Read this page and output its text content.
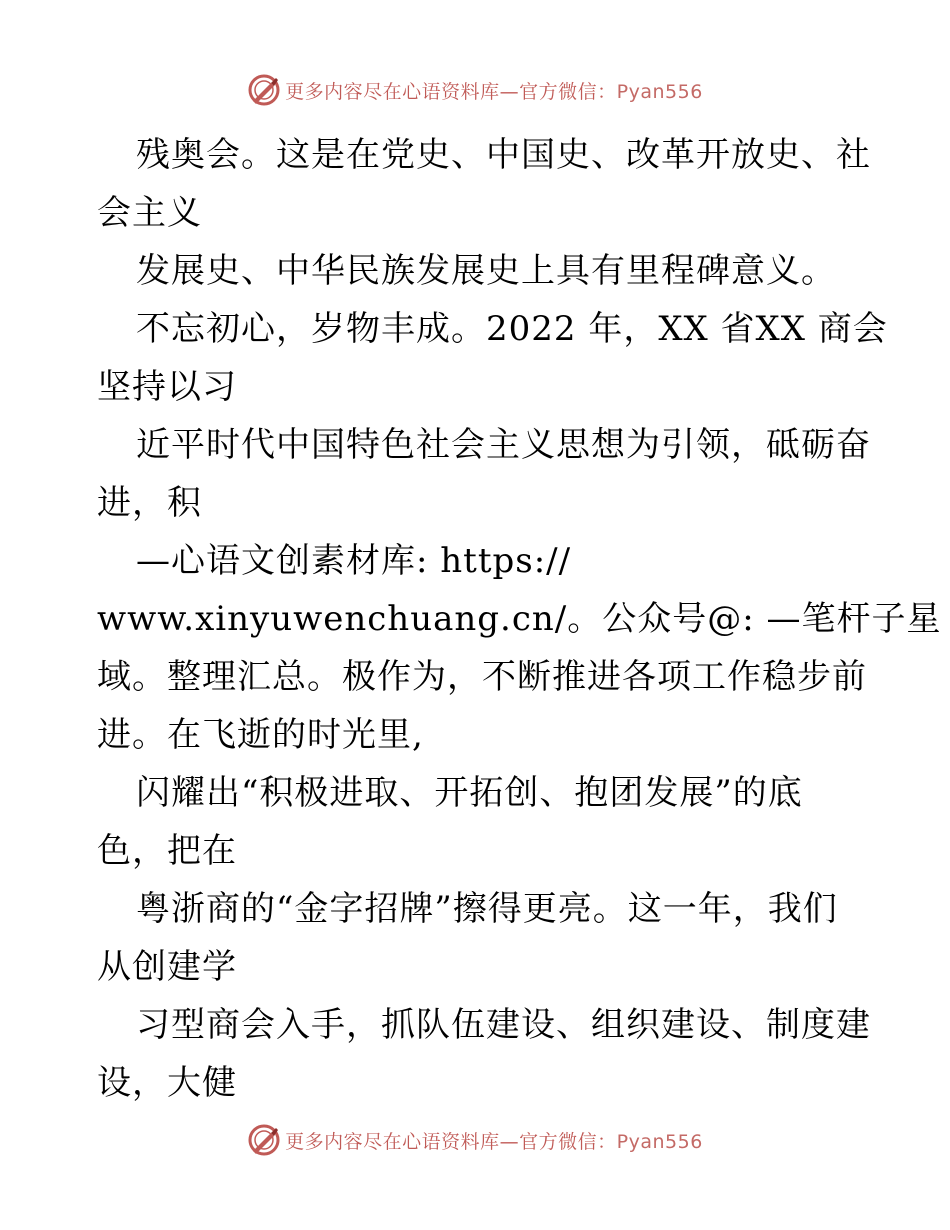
更多内容尽在心语资料库—官方微信：Pyan556
残奥会。这是在党史、中国史、改革开放史、社
会主义
发展史、中华民族发展史上具有里程碑意义。
不忘初心，岁物丰成。2022 年，XX 省XX 商会
坚持以习
近平时代中国特色社会主义思想为引领，砥砺奋
进，积
—心语文创素材库: https://
www.xinyuwenchuang.cn/。公众号@: —笔杆子星
域。整理汇总。极作为，不断推进各项工作稳步前
进。在飞逝的时光里,
闪耀出“积极进取、开拓创、抱团发展”的底
色，把在
粤浙商的“金字招牌”擦得更亮。这一年，我们
从创建学
习型商会入手，抓队伍建设、组织建设、制度建
设，大健
更多内容尽在心语资料库—官方微信：Pyan556
